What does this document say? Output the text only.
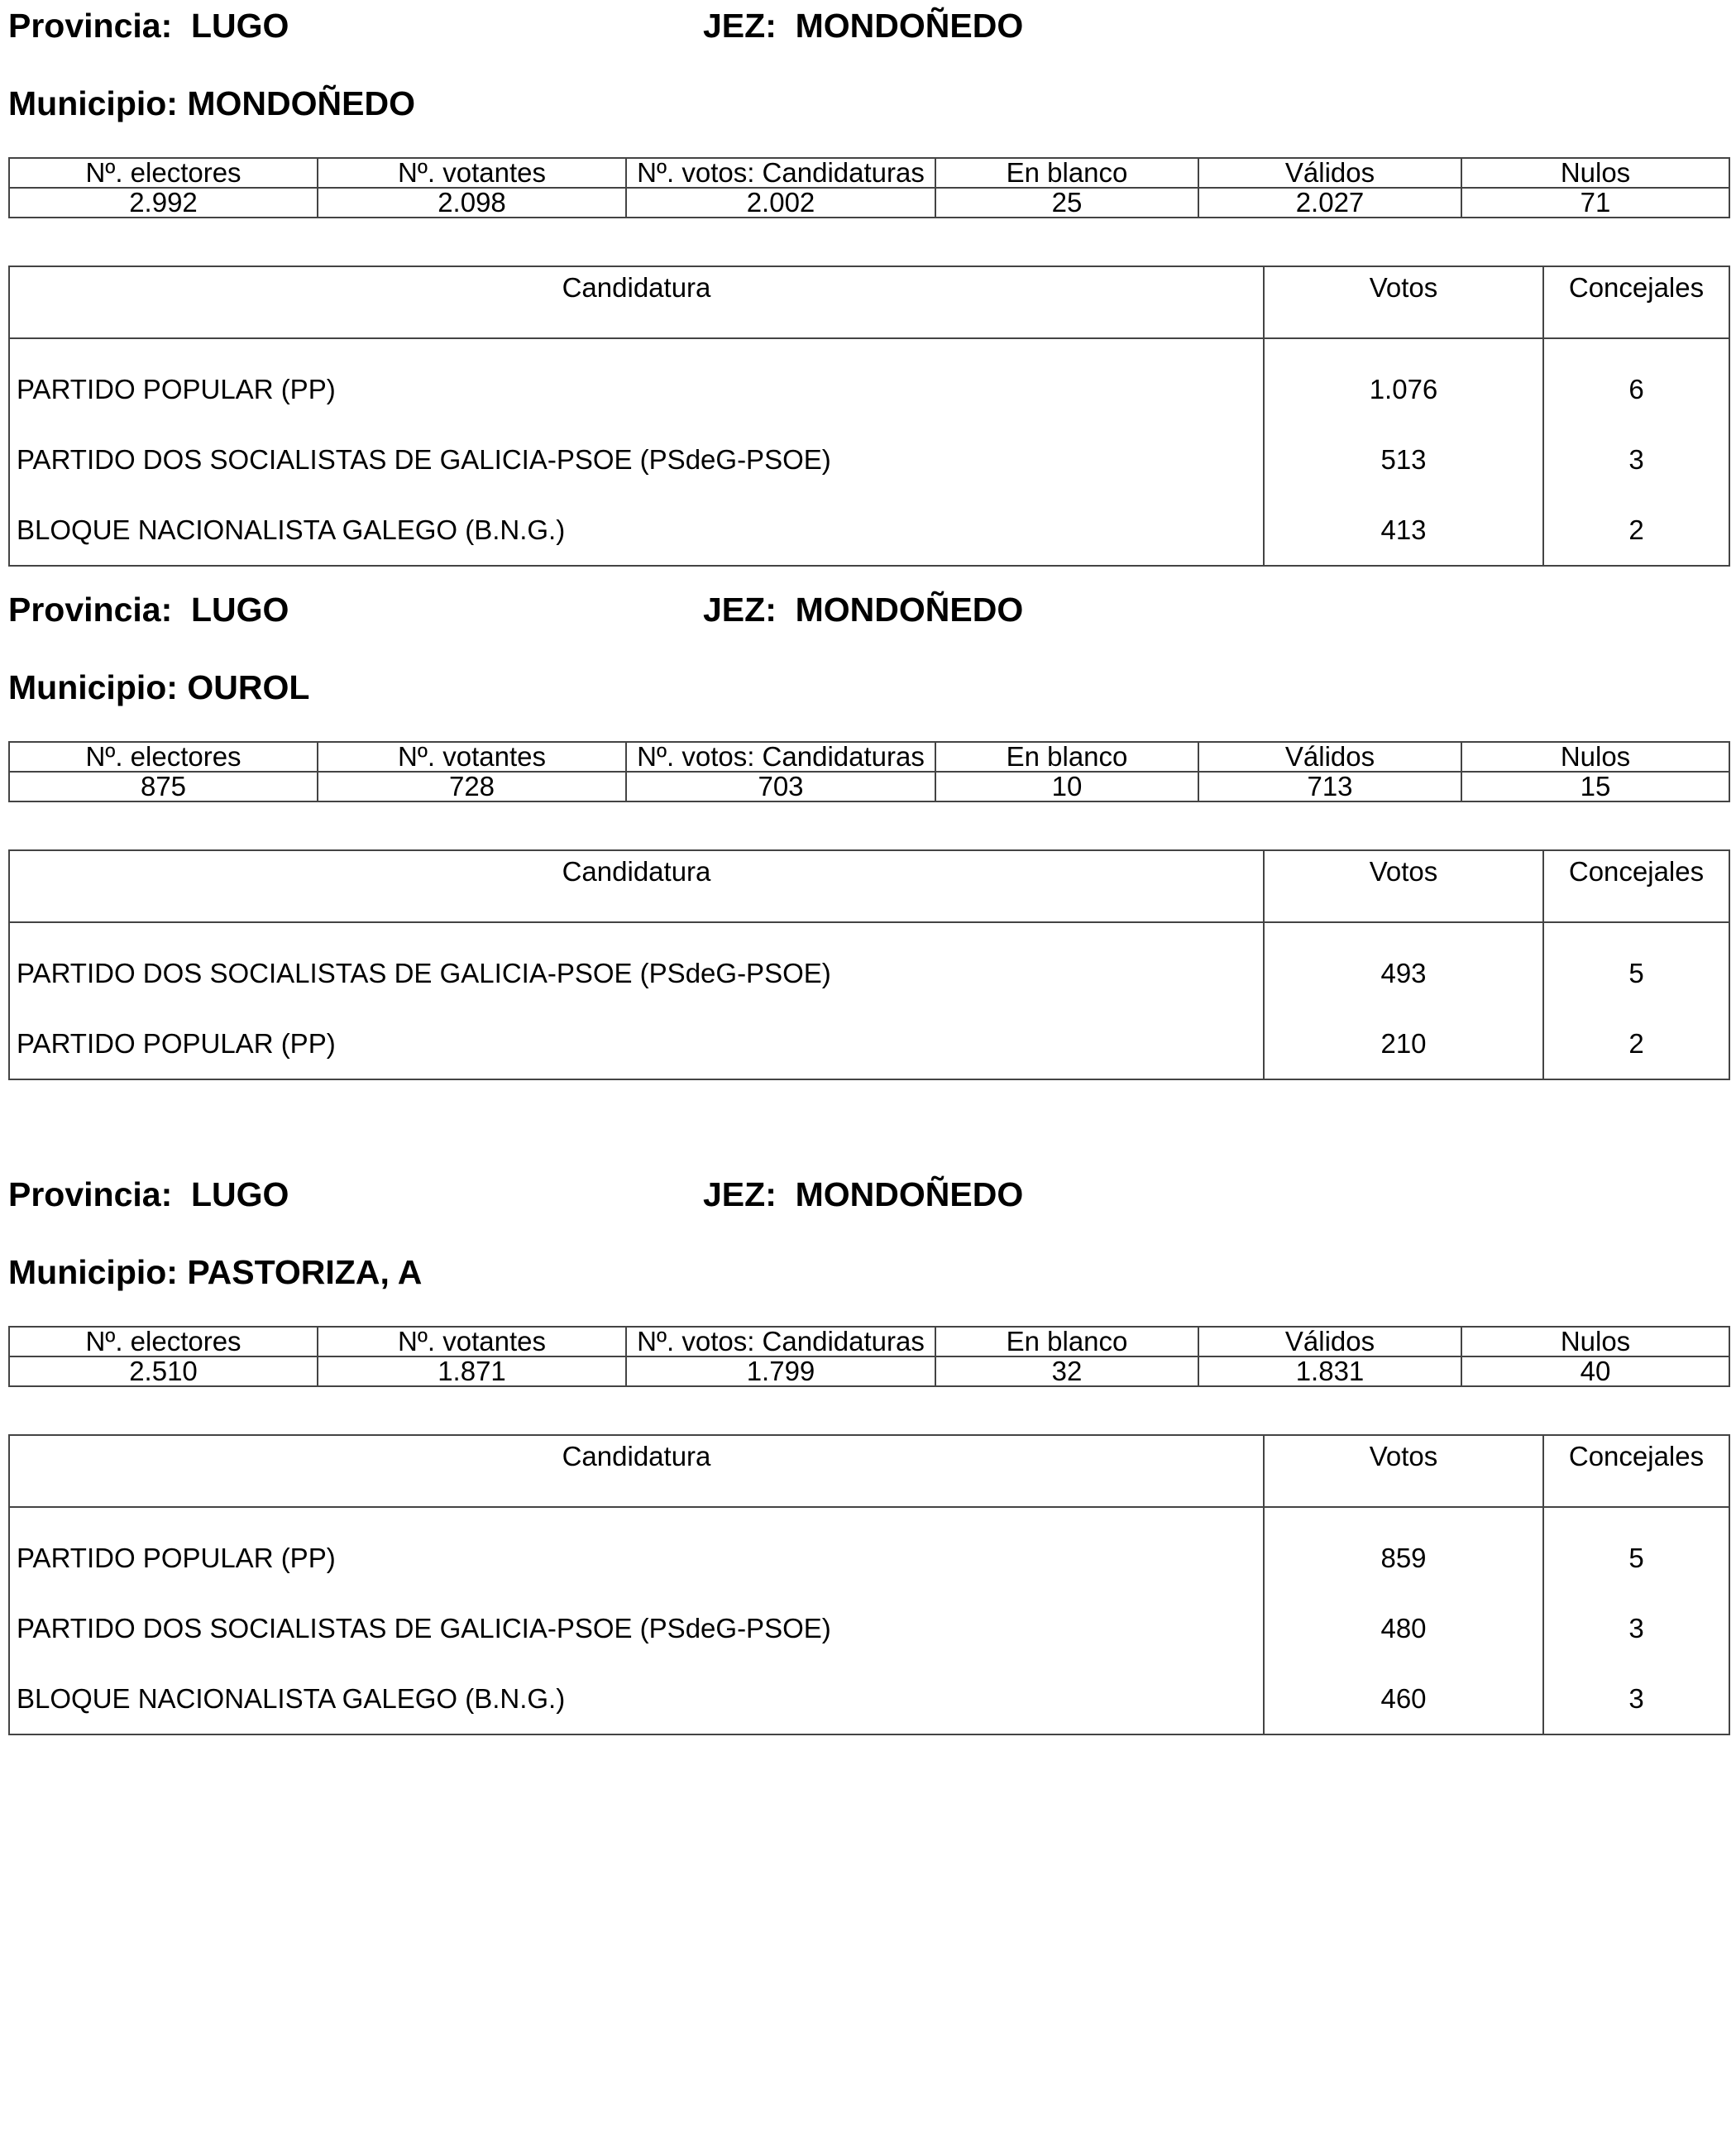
Provincia:  LUGO	JEZ:  MONDOÑEDO
Municipio: MONDOÑEDO
Nº. electores	Nº. votantes	Nº. votos: Candidaturas	En blanco	Válidos	Nulos
2.992	2.098	2.002	25	2.027	71
Candidatura	Votos	Concejales
PARTIDO POPULAR (PP)	1.076	6
PARTIDO DOS SOCIALISTAS DE GALICIA-PSOE (PSdeG-PSOE)	513	3
BLOQUE NACIONALISTA GALEGO (B.N.G.)	413	2
Provincia:  LUGO	JEZ:  MONDOÑEDO
Municipio: OUROL
Nº. electores	Nº. votantes	Nº. votos: Candidaturas	En blanco	Válidos	Nulos
875	728	703	10	713	15
Candidatura	Votos	Concejales
PARTIDO DOS SOCIALISTAS DE GALICIA-PSOE (PSdeG-PSOE)	493	5
PARTIDO POPULAR (PP)	210	2
Provincia:  LUGO	JEZ:  MONDOÑEDO
Municipio: PASTORIZA, A
Nº. electores	Nº. votantes	Nº. votos: Candidaturas	En blanco	Válidos	Nulos
2.510	1.871	1.799	32	1.831	40
Candidatura	Votos	Concejales
PARTIDO POPULAR (PP)	859	5
PARTIDO DOS SOCIALISTAS DE GALICIA-PSOE (PSdeG-PSOE)	480	3
BLOQUE NACIONALISTA GALEGO (B.N.G.)	460	3
